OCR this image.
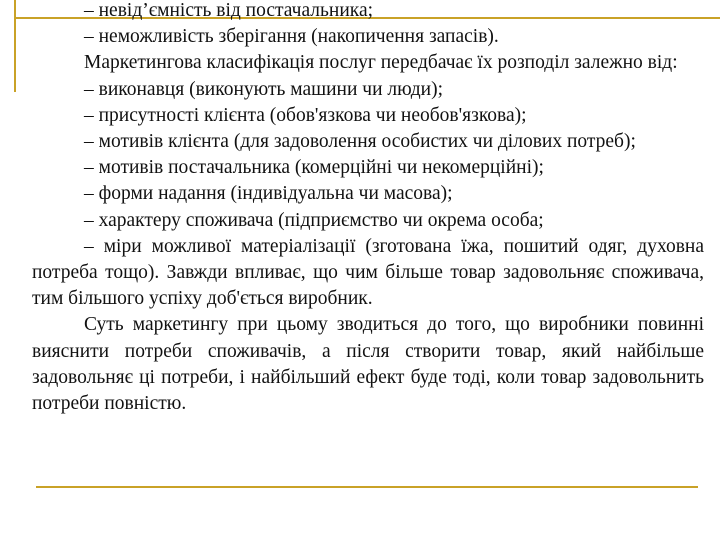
– невід’ємність від постачальника;

– неможливість зберігання (накопичення запасів).

Маркетингова класифікація послуг передбачає їх розподіл залежно від:

– виконавця (виконують машини чи люди);

– присутності клієнта (обов'язкова чи необов'язкова);

– мотивів клієнта (для задоволення особистих чи ділових потреб);

– мотивів постачальника (комерційні чи некомерційні);

– форми надання (індивідуальна чи масова);

– характеру споживача (підприємство чи окрема особа;

– міри можливої матеріалізації (зготована їжа, пошитий одяг, духовна потреба тощо). Завжди впливає, що чим більше товар задовольняє споживача, тим більшого успіху доб'ється виробник.

Суть маркетингу при цьому зводиться до того, що виробники повинні вияснити потреби споживачів, а після створити товар, який найбільше задовольняє ці потреби, і найбільший ефект буде тоді, коли товар задовольнить потреби повністю.
